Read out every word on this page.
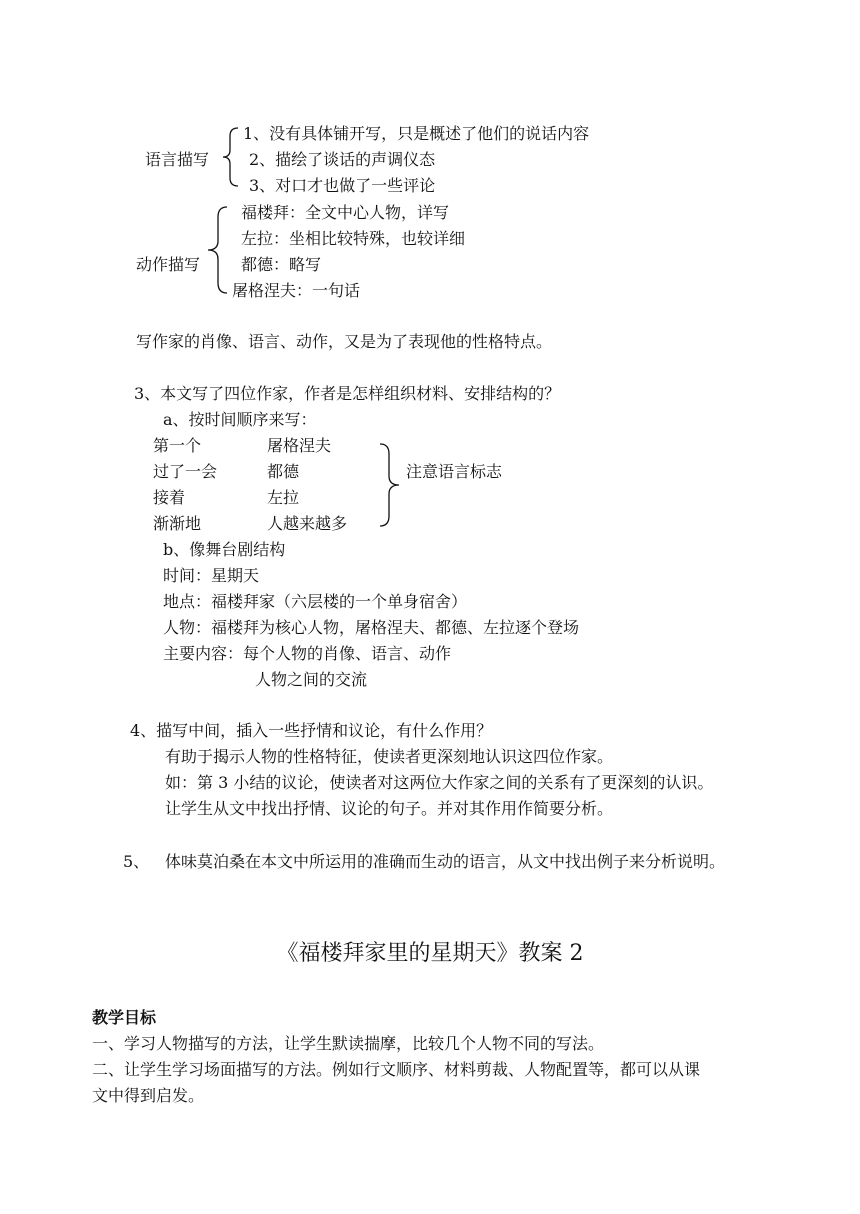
语言描写
1、没有具体铺开写，只是概述了他们的说话内容
2、描绘了谈话的声调仪态
3、对口才也做了一些评论
动作描写
福楼拜：全文中心人物，详写
左拉：坐相比较特殊，也较详细
都德：略写
屠格涅夫：一句话
写作家的肖像、语言、动作，又是为了表现他的性格特点。
3、本文写了四位作家，作者是怎样组织材料、安排结构的？
a、按时间顺序来写：
第一个	屠格涅夫
过了一会	都德
接着	左拉
渐渐地	人越来越多
注意语言标志
b、像舞台剧结构
时间：星期天
地点：福楼拜家（六层楼的一个单身宿舍）
人物：福楼拜为核心人物，屠格涅夫、都德、左拉逐个登场
主要内容：每个人物的肖像、语言、动作
人物之间的交流
4、描写中间，插入一些抒情和议论，有什么作用？
有助于揭示人物的性格特征，使读者更深刻地认识这四位作家。
如：第 3 小结的议论，使读者对这两位大作家之间的关系有了更深刻的认识。
让学生从文中找出抒情、议论的句子。并对其作用作简要分析。
5、 体味莫泊桑在本文中所运用的准确而生动的语言，从文中找出例子来分析说明。
《福楼拜家里的星期天》教案 2
教学目标
一、学习人物描写的方法，让学生默读揣摩，比较几个人物不同的写法。
二、让学生学习场面描写的方法。例如行文顺序、材料剪裁、人物配置等，都可以从课
文中得到启发。
